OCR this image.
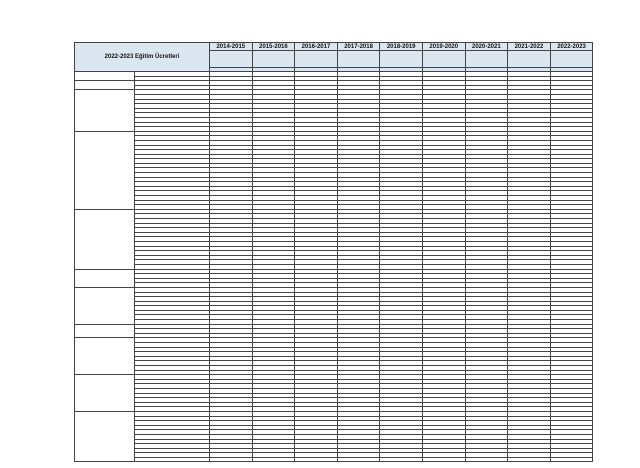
2022-2023 Eğitim Ücretleri		2014-2015	2015-2016	2016-2017	2017-2018	2018-2019	2019-2020	2020-2021	2021-2022	2022-2023
